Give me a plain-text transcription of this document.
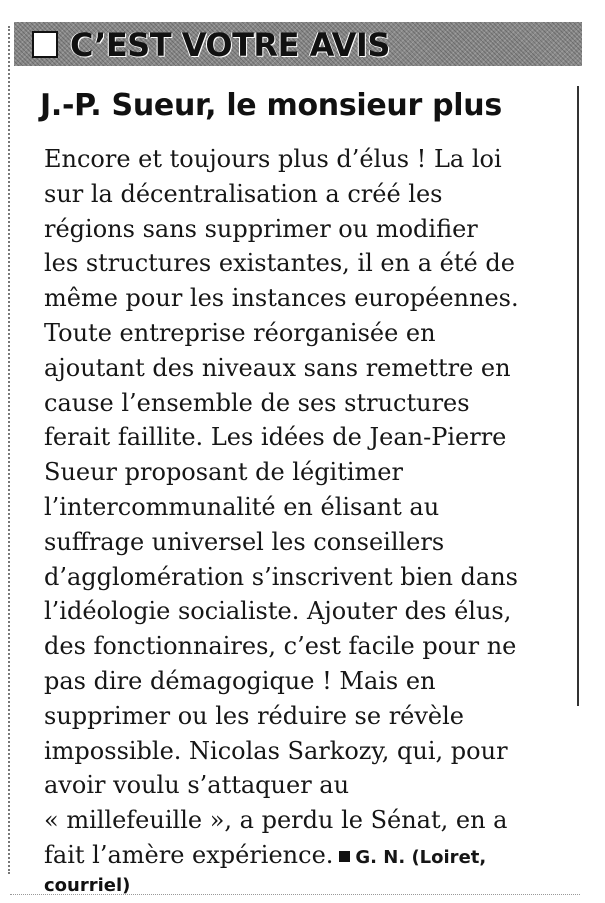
C’EST VOTRE AVIS
J.-P. Sueur, le monsieur plus
Encore et toujours plus d’élus ! La loi
sur la décentralisation a créé les
régions sans supprimer ou modifier
les structures existantes, il en a été de
même pour les instances européennes.
Toute entreprise réorganisée en
ajoutant des niveaux sans remettre en
cause l’ensemble de ses structures
ferait faillite. Les idées de Jean-Pierre
Sueur proposant de légitimer
l’intercommunalité en élisant au
suffrage universel les conseillers
d’agglomération s’inscrivent bien dans
l’idéologie socialiste. Ajouter des élus,
des fonctionnaires, c’est facile pour ne
pas dire démagogique ! Mais en
supprimer ou les réduire se révèle
impossible. Nicolas Sarkozy, qui, pour
avoir voulu s’attaquer au
« millefeuille », a perdu le Sénat, en a
fait l’amère expérience.	G. N. (Loiret,
courriel)
